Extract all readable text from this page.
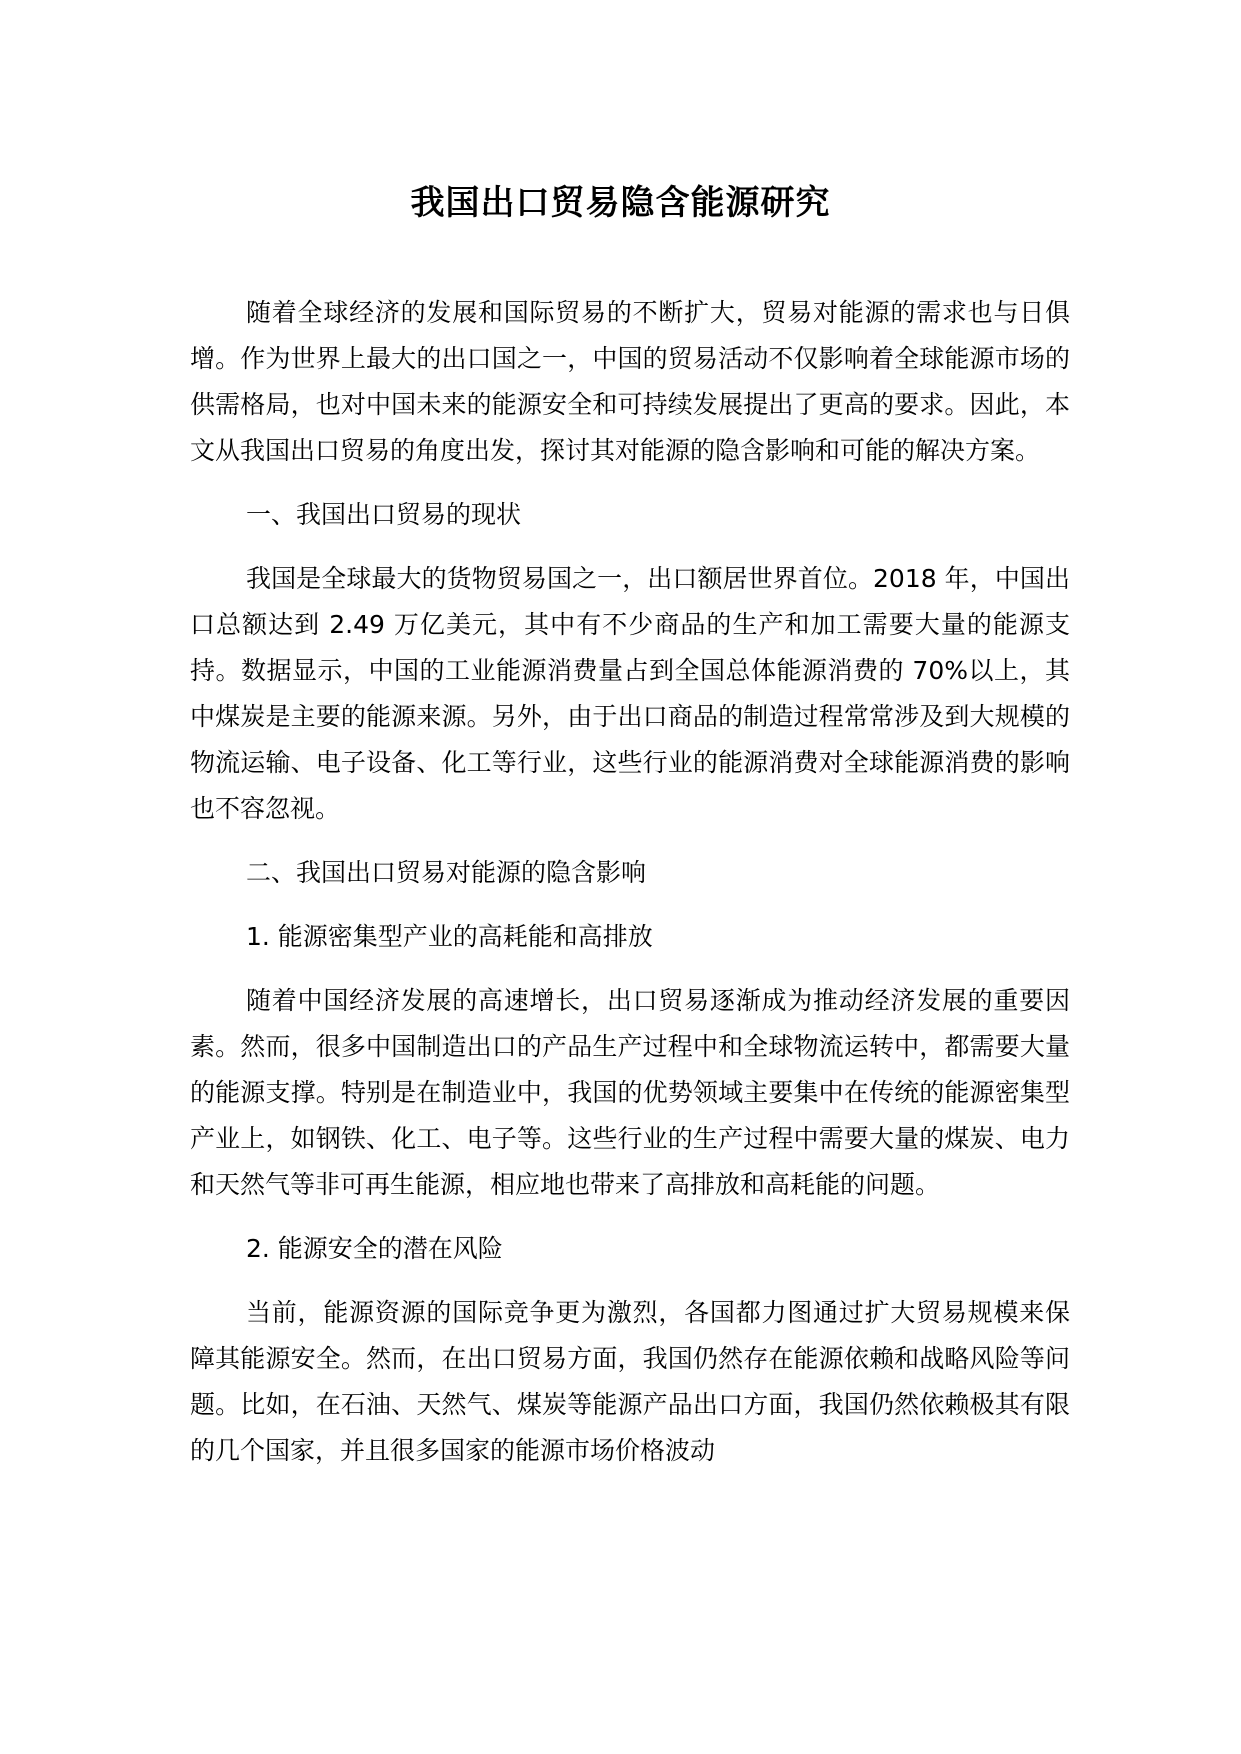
我国出口贸易隐含能源研究

随着全球经济的发展和国际贸易的不断扩大，贸易对能源的需求也与日俱增。作为世界上最大的出口国之一，中国的贸易活动不仅影响着全球能源市场的供需格局，也对中国未来的能源安全和可持续发展提出了更高的要求。因此，本文从我国出口贸易的角度出发，探讨其对能源的隐含影响和可能的解决方案。

一、我国出口贸易的现状

我国是全球最大的货物贸易国之一，出口额居世界首位。2018 年，中国出口总额达到 2.49 万亿美元，其中有不少商品的生产和加工需要大量的能源支持。数据显示，中国的工业能源消费量占到全国总体能源消费的 70%以上，其中煤炭是主要的能源来源。另外，由于出口商品的制造过程常常涉及到大规模的物流运输、电子设备、化工等行业，这些行业的能源消费对全球能源消费的影响也不容忽视。

二、我国出口贸易对能源的隐含影响

1. 能源密集型产业的高耗能和高排放

随着中国经济发展的高速增长，出口贸易逐渐成为推动经济发展的重要因素。然而，很多中国制造出口的产品生产过程中和全球物流运转中，都需要大量的能源支撑。特别是在制造业中，我国的优势领域主要集中在传统的能源密集型产业上，如钢铁、化工、电子等。这些行业的生产过程中需要大量的煤炭、电力和天然气等非可再生能源，相应地也带来了高排放和高耗能的问题。

2. 能源安全的潜在风险

当前，能源资源的国际竞争更为激烈，各国都力图通过扩大贸易规模来保障其能源安全。然而，在出口贸易方面，我国仍然存在能源依赖和战略风险等问题。比如，在石油、天然气、煤炭等能源产品出口方面，我国仍然依赖极其有限的几个国家，并且很多国家的能源市场价格波动
